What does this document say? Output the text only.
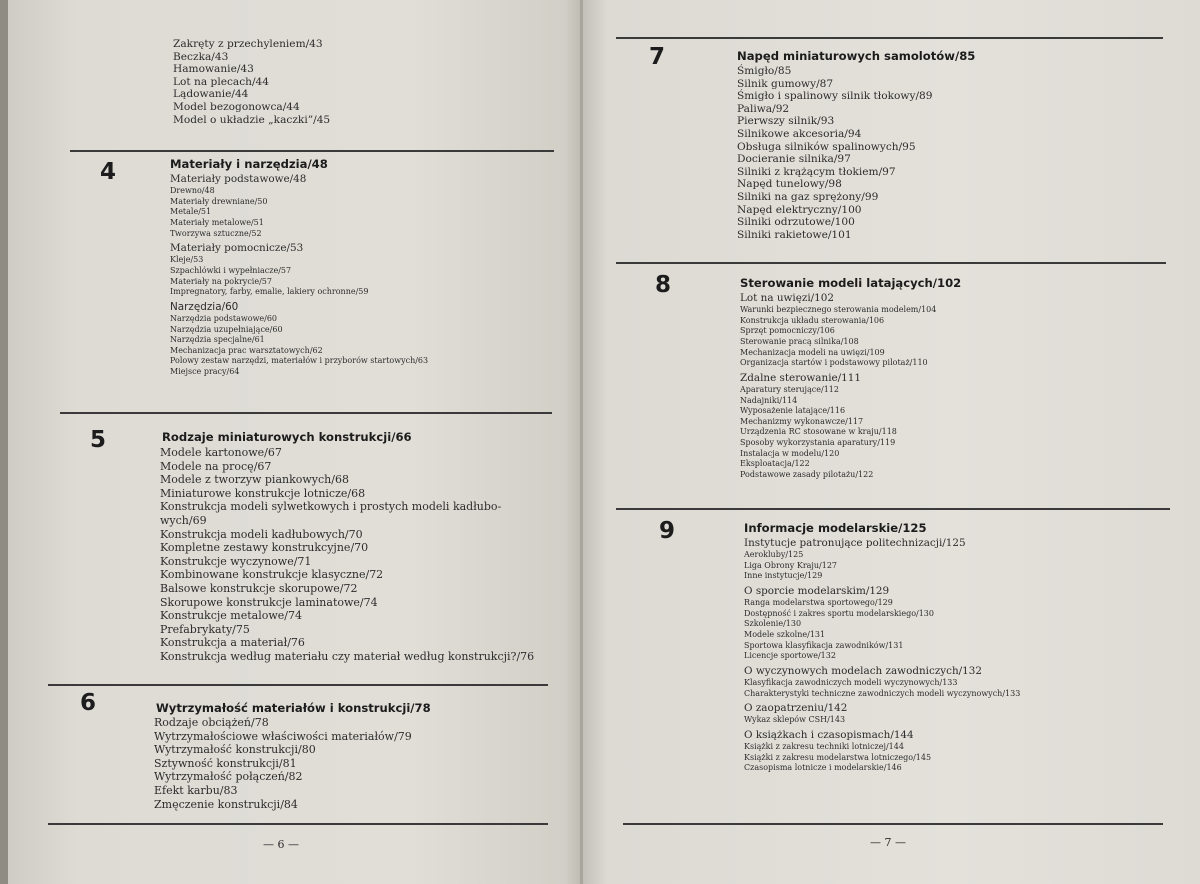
Zakręty z przechyleniem/43
Beczka/43
Hamowanie/43
Lot na plecach/44
Lądowanie/44
Model bezogonowca/44
Model o układzie „kaczki”/45
4	Materiały i narzędzia/48
Materiały podstawowe/48
Drewno/48
Materiały drewniane/50
Metale/51
Materiały metalowe/51
Tworzywa sztuczne/52
Materiały pomocnicze/53
Kleje/53
Szpachlówki i wypełniacze/57
Materiały na pokrycie/57
Impregnatory, farby, emalie, lakiery ochronne/59
Narzędzia/60
Narzędzia podstawowe/60
Narzędzia uzupełniające/60
Narzędzia specjalne/61
Mechanizacja prac warsztatowych/62
Polowy zestaw narzędzi, materiałów i przyborów startowych/63
Miejsce pracy/64
5	Rodzaje miniaturowych konstrukcji/66
Modele kartonowe/67
Modele na procę/67
Modele z tworzyw piankowych/68
Miniaturowe konstrukcje lotnicze/68
Konstrukcja modeli sylwetkowych i prostych modeli kadłubo-
wych/69
Konstrukcja modeli kadłubowych/70
Kompletne zestawy konstrukcyjne/70
Konstrukcje wyczynowe/71
Kombinowane konstrukcje klasyczne/72
Balsowe konstrukcje skorupowe/72
Skorupowe konstrukcje laminatowe/74
Konstrukcje metalowe/74
Prefabrykaty/75
Konstrukcja a materiał/76
Konstrukcja według materiału czy materiał według konstrukcji?/76
6	Wytrzymałość materiałów i konstrukcji/78
Rodzaje obciążeń/78
Wytrzymałościowe właściwości materiałów/79
Wytrzymałość konstrukcji/80
Sztywność konstrukcji/81
Wytrzymałość połączeń/82
Efekt karbu/83
Zmęczenie konstrukcji/84
— 6 —
7	Napęd miniaturowych samolotów/85
Śmigło/85
Silnik gumowy/87
Śmigło i spalinowy silnik tłokowy/89
Paliwa/92
Pierwszy silnik/93
Silnikowe akcesoria/94
Obsługa silników spalinowych/95
Docieranie silnika/97
Silniki z krążącym tłokiem/97
Napęd tunelowy/98
Silniki na gaz sprężony/99
Napęd elektryczny/100
Silniki odrzutowe/100
Silniki rakietowe/101
8	Sterowanie modeli latających/102
Lot na uwięzi/102
Warunki bezpiecznego sterowania modelem/104
Konstrukcja układu sterowania/106
Sprzęt pomocniczy/106
Sterowanie pracą silnika/108
Mechanizacja modeli na uwięzi/109
Organizacja startów i podstawowy pilotaż/110
Zdalne sterowanie/111
Aparatury sterujące/112
Nadajniki/114
Wyposażenie latające/116
Mechanizmy wykonawcze/117
Urządzenia RC stosowane w kraju/118
Sposoby wykorzystania aparatury/119
Instalacja w modelu/120
Eksploatacja/122
Podstawowe zasady pilotażu/122
9	Informacje modelarskie/125
Instytucje patronujące politechnizacji/125
Aerokluby/125
Liga Obrony Kraju/127
Inne instytucje/129
O sporcie modelarskim/129
Ranga modelarstwa sportowego/129
Dostępność i zakres sportu modelarskiego/130
Szkolenie/130
Modele szkolne/131
Sportowa klasyfikacja zawodników/131
Licencje sportowe/132
O wyczynowych modelach zawodniczych/132
Klasyfikacja zawodniczych modeli wyczynowych/133
Charakterystyki techniczne zawodniczych modeli wyczynowych/133
O zaopatrzeniu/142
Wykaz sklepów CSH/143
O książkach i czasopismach/144
Książki z zakresu techniki lotniczej/144
Książki z zakresu modelarstwa lotniczego/145
Czasopisma lotnicze i modelarskie/146
— 7 —
